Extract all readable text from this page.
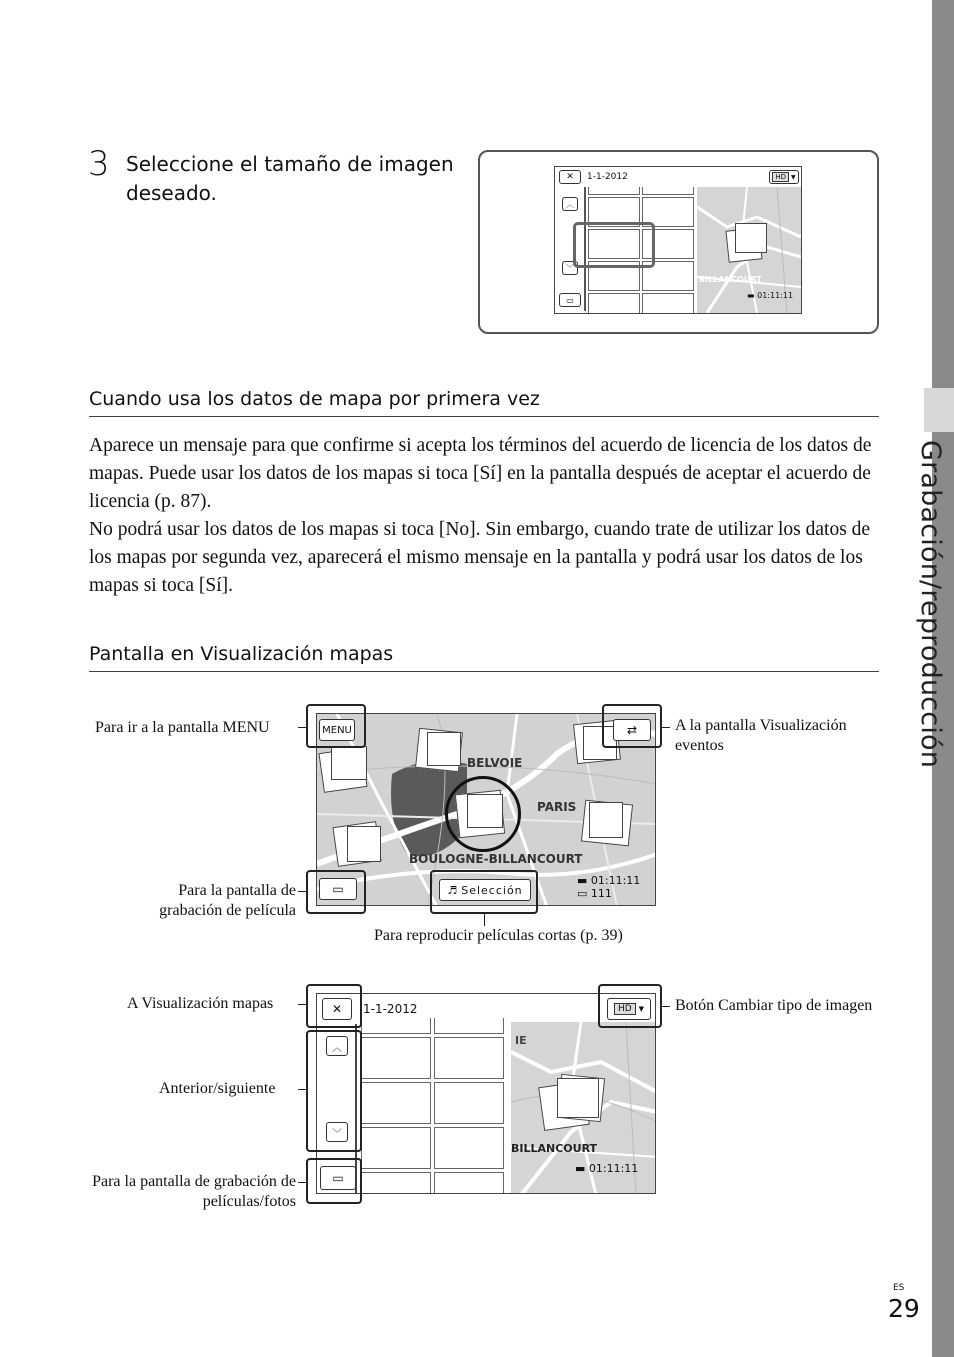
Grabación/reproducción
3 Seleccione el tamaño de imagen deseado.
✕	1-1-2012	HD ▼
︿
﹀
▭
BILLANCOURT
▬ 01:11:11
Cuando usa los datos de mapa por primera vez

Aparece un mensaje para que confirme si acepta los términos del acuerdo de licencia de los datos de mapas. Puede usar los datos de los mapas si toca [Sí] en la pantalla después de aceptar el acuerdo de licencia (p. 87).

No podrá usar los datos de los mapas si toca [No]. Sin embargo, cuando trate de utilizar los datos de los mapas por segunda vez, aparecerá el mismo mensaje en la pantalla y podrá usar los datos de los mapas si toca [Sí].

Pantalla en Visualización mapas
BELVOIE
PARIS
BOULOGNE-BILLANCOURT
▬ 01:11:11
▭ 111
MENU	⇄
▭	♬ Selección
Para ir a la pantalla MENU	A la pantalla Visualización eventos
Para la pantalla de grabación de película
Para reproducir películas cortas (p. 39)
1-1-2012
IE
BILLANCOURT
▬ 01:11:11
✕	HD	▼
︿
﹀
▭
A Visualización mapas	Botón Cambiar tipo de imagen
Anterior/siguiente
Para la pantalla de grabación de películas/fotos
ES
29
